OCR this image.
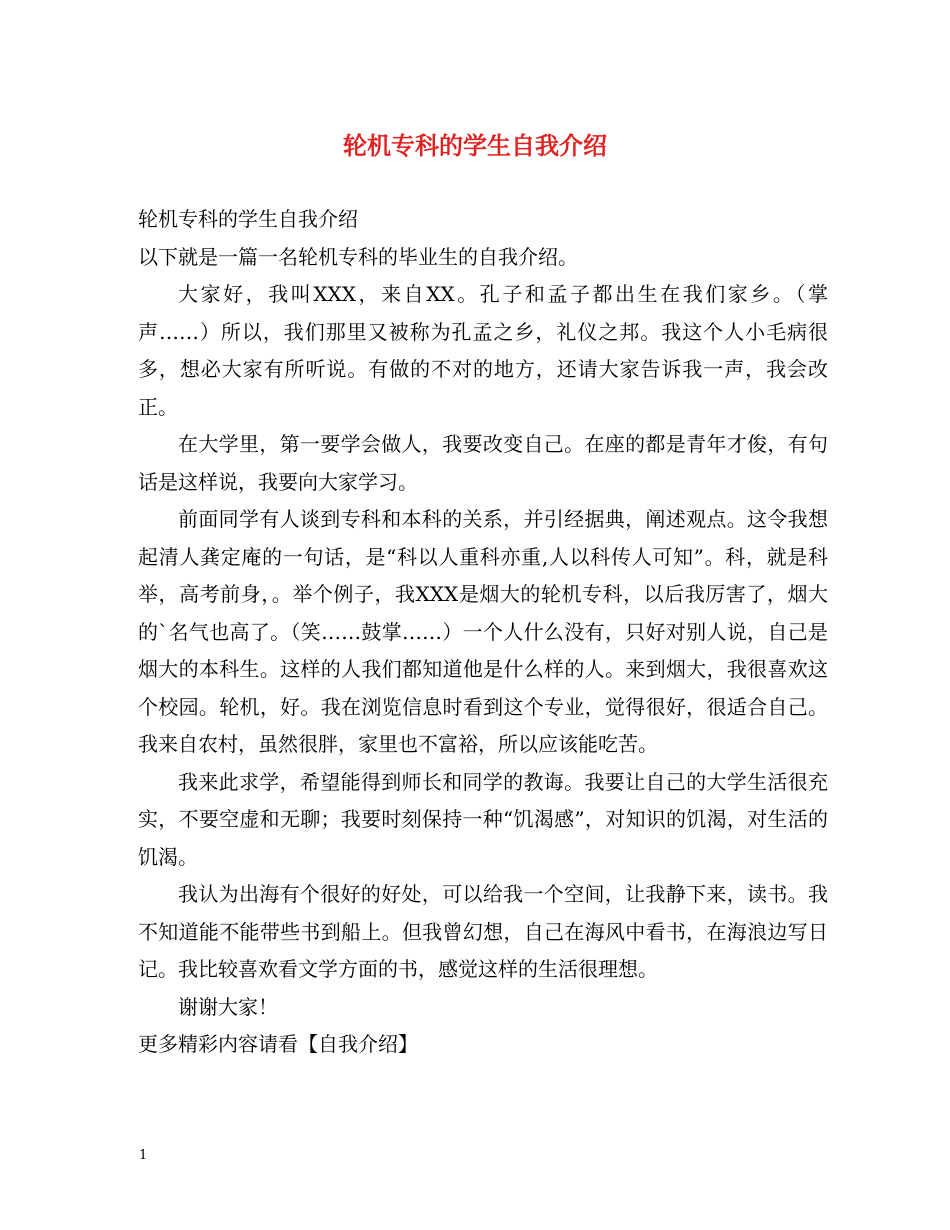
轮机专科的学生自我介绍

轮机专科的学生自我介绍

以下就是一篇一名轮机专科的毕业生的自我介绍。

大家好，我叫XXX，来自XX。孔子和孟子都出生在我们家乡。（掌声……）所以，我们那里又被称为孔孟之乡，礼仪之邦。我这个人小毛病很多，想必大家有所听说。有做的不对的地方，还请大家告诉我一声，我会改正。

在大学里，第一要学会做人，我要改变自己。在座的都是青年才俊，有句话是这样说，我要向大家学习。

前面同学有人谈到专科和本科的关系，并引经据典，阐述观点。这令我想起清人龚定庵的一句话，是“科以人重科亦重,人以科传人可知”。科，就是科举，高考前身，。举个例子，我XXX是烟大的轮机专科，以后我厉害了，烟大的`名气也高了。（笑……鼓掌……）一个人什么没有，只好对别人说，自己是烟大的本科生。这样的人我们都知道他是什么样的人。来到烟大，我很喜欢这个校园。轮机，好。我在浏览信息时看到这个专业，觉得很好，很适合自己。我来自农村，虽然很胖，家里也不富裕，所以应该能吃苦。

我来此求学，希望能得到师长和同学的教诲。我要让自己的大学生活很充实，不要空虚和无聊；我要时刻保持一种“饥渴感”，对知识的饥渴，对生活的饥渴。

我认为出海有个很好的好处，可以给我一个空间，让我静下来，读书。我不知道能不能带些书到船上。但我曾幻想，自己在海风中看书，在海浪边写日记。我比较喜欢看文学方面的书，感觉这样的生活很理想。

谢谢大家！

更多精彩内容请看【自我介绍】

1
